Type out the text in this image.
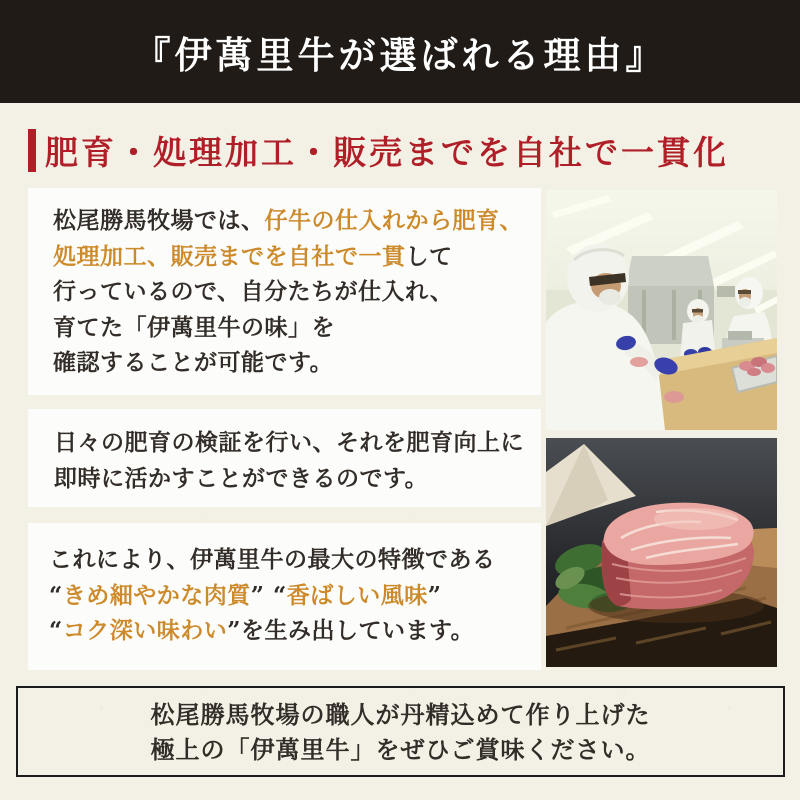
『伊萬里牛が選ばれる理由』
肥育・処理加工・販売までを自社で一貫化

松尾勝馬牧場では、仔牛の仕入れから肥育、

処理加工、販売までを自社で一貫して

行っているので、自分たちが仕入れ、

育てた「伊萬里牛の味」を

確認することが可能です。

日々の肥育の検証を行い、それを肥育向上に

即時に活かすことができるのです。

これにより、伊萬里牛の最大の特徴である

“きめ細やかな肉質” “香ばしい風味”

“コク深い味わい”を生み出しています。

松尾勝馬牧場の職人が丹精込めて作り上げた

極上の「伊萬里牛」をぜひご賞味ください。
